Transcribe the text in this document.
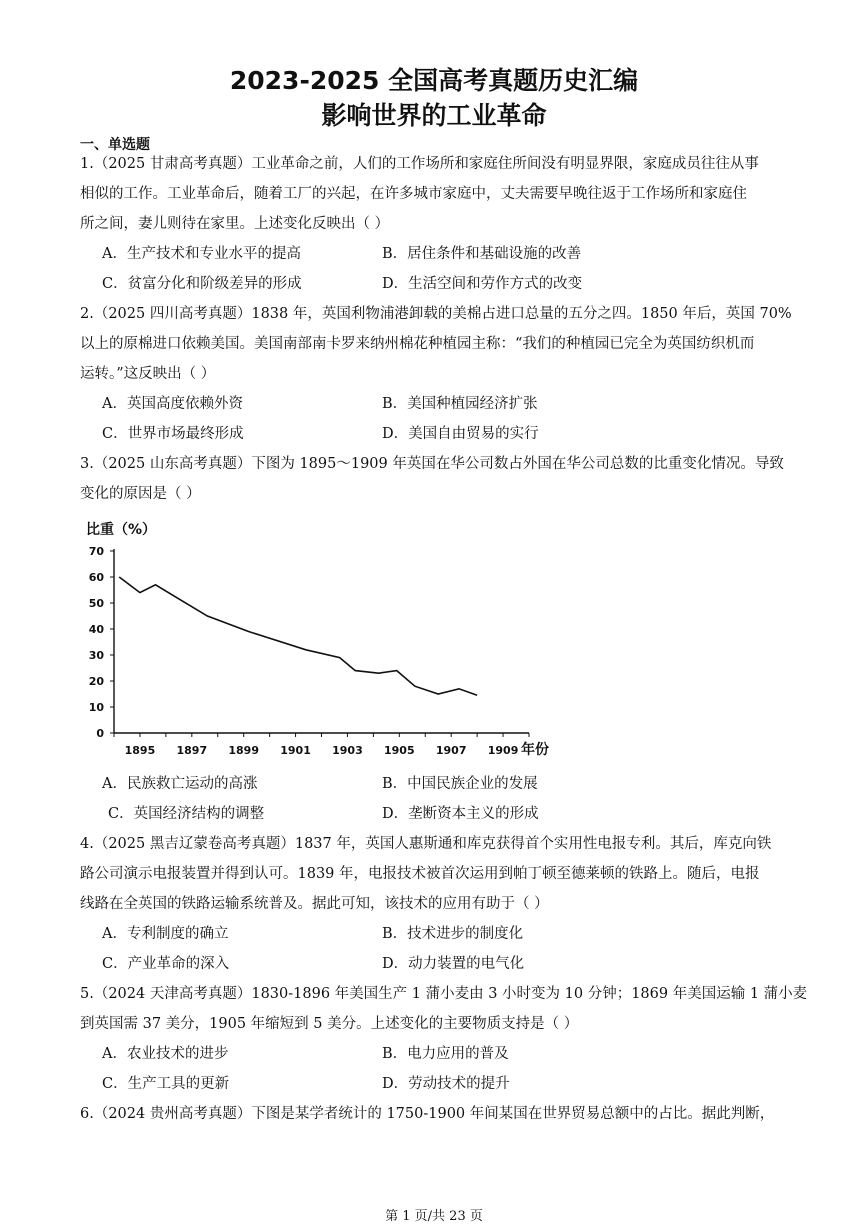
2023-2025 全国高考真题历史汇编
影响世界的工业革命
一、单选题
1.（2025 甘肃高考真题）工业革命之前，人们的工作场所和家庭住所间没有明显界限，家庭成员往往从事
相似的工作。工业革命后，随着工厂的兴起，在许多城市家庭中，丈夫需要早晚往返于工作场所和家庭住
所之间，妻儿则待在家里。上述变化反映出（ ）
A．生产技术和专业水平的提高	B．居住条件和基础设施的改善
C．贫富分化和阶级差异的形成	D．生活空间和劳作方式的改变
2.（2025 四川高考真题）1838 年，英国利物浦港卸载的美棉占进口总量的五分之四。1850 年后，英国 70%
以上的原棉进口依赖美国。美国南部南卡罗来纳州棉花种植园主称：“我们的种植园已完全为英国纺织机而
运转。”这反映出（ ）
A．英国高度依赖外资	B．美国种植园经济扩张
C．世界市场最终形成	D．美国自由贸易的实行
3.（2025 山东高考真题）下图为 1895～1909 年英国在华公司数占外国在华公司总数的比重变化情况。导致
变化的原因是（ ）
比重（%）
0
10
20
30
40
50
60
70
1895 1897 1899 1901 1903 1905 1907 1909 年份
A．民族救亡运动的高涨	B．中国民族企业的发展
C．英国经济结构的调整	D．垄断资本主义的形成
4.（2025 黑吉辽蒙卷高考真题）1837 年，英国人惠斯通和库克获得首个实用性电报专利。其后，库克向铁
路公司演示电报装置并得到认可。1839 年，电报技术被首次运用到帕丁顿至德莱顿的铁路上。随后，电报
线路在全英国的铁路运输系统普及。据此可知，该技术的应用有助于（ ）
A．专利制度的确立	B．技术进步的制度化
C．产业革命的深入	D．动力装置的电气化
5.（2024 天津高考真题）1830-1896 年美国生产 1 蒲小麦由 3 小时变为 10 分钟；1869 年美国运输 1 蒲小麦
到英国需 37 美分，1905 年缩短到 5 美分。上述变化的主要物质支持是（ ）
A．农业技术的进步	B．电力应用的普及
C．生产工具的更新	D．劳动技术的提升
6.（2024 贵州高考真题）下图是某学者统计的 1750-1900 年间某国在世界贸易总额中的占比。据此判断，
第 1 页/共 23 页
